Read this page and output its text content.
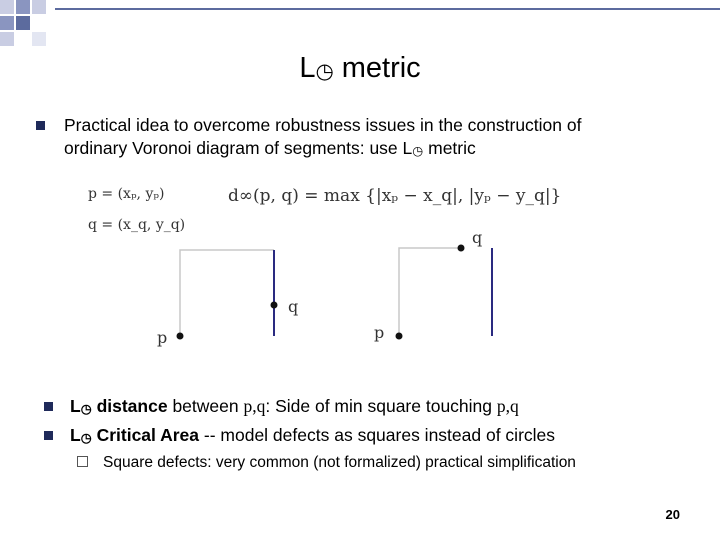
L◷ metric
Practical idea to overcome robustness issues in the construction of
ordinary Voronoi diagram of segments: use L◷ metric
p = (xₚ, yₚ)
q = (x_q, y_q)
d∞(p, q) = max {|xₚ − x_q|, |yₚ − y_q|}
p
q
p
q
L◷ distance between p,q: Side of min square touching p,q
L◷ Critical Area -- model defects as squares instead of circles
Square defects: very common (not formalized) practical simplification
20
